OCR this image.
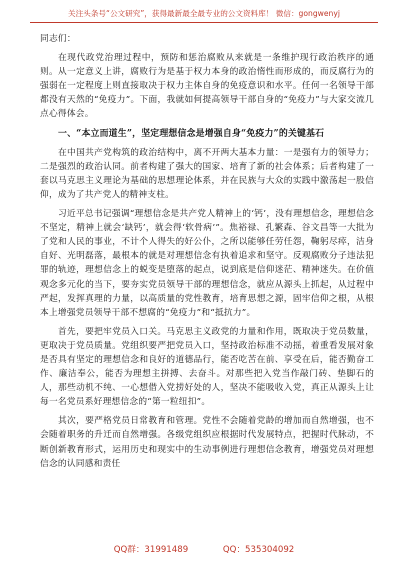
关注头条号“公文研究”，获得最新最全最专业的公文资料库！ 微信：gongwenyj

同志们：

在现代政党治理过程中，预防和惩治腐败从来就是一条维护现行政治秩序的通则。从一定意义上讲，腐败行为是基于权力本身的政治惰性而形成的，而反腐行为的强弱在一定程度上则直接取决于权力主体自身的免疫意识和水平。任何一名领导干部都没有天然的“免疫力”。下面，我就如何提高领导干部自身的“免疫力”与大家交流几点心得体会。

一、“本立而道生”，坚定理想信念是增强自身“免疫力”的关键基石

在中国共产党构筑的政治结构中，离不开两大基本力量：一是强有力的领导力；二是强烈的政治认同。前者构建了强大的国家、培育了新的社会体系；后者构建了一套以马克思主义理论为基础的思想理论体系，并在民族与大众的实践中激荡起一股信仰，成为了共产党人的精神支柱。

习近平总书记强调“理想信念是共产党人精神上的‘钙’，没有理想信念，理想信念不坚定，精神上就会‘缺钙’，就会得‘软骨病’”。焦裕禄、孔繁森、谷文昌等一大批为了党和人民的事业，不计个人得失的好公仆，之所以能够任劳任怨，鞠躬尽瘁，洁身自好、光明磊落，最根本的就是对理想信念有执着追求和坚守。反观腐败分子违法犯罪的轨迹，理想信念上的蜕变是堕落的起点，说到底是信仰迷茫、精神迷失。在价值观念多元化的当下，要夯实党员领导干部的理想信念，就应从源头上抓起，从过程中严起，发挥真理的力量，以高质量的党性教育，培育思想之源，固牢信仰之根，从根本上增强党员领导干部不想腐的“免疫力”和“抵抗力”。

首先，要把牢党员入口关。马克思主义政党的力量和作用，既取决于党员数量，更取决于党员质量。党组织要严把党员入口，坚持政治标准不动摇，着重看发展对象是否具有坚定的理想信念和良好的道德品行，能否吃苦在前、享受在后，能否勤奋工作、廉洁奉公，能否为理想主拼搏、去奋斗。对那些把入党当作敲门砖、垫脚石的人，那些动机不纯、一心想借入党捞好处的人，坚决不能吸收入党，真正从源头上让每一名党员系好理想信念的“第一粒纽扣”。

其次，要严格党员日常教育和管理。党性不会随着党龄的增加而自然增强，也不会随着职务的升迁而自然增强。各级党组织应根据时代发展特点，把握时代脉动，不断创新教育形式，运用历史和现实中的生动事例进行理想信念教育，增强党员对理想信念的认同感和责任

QQ群：31991489	QQ：535304092
